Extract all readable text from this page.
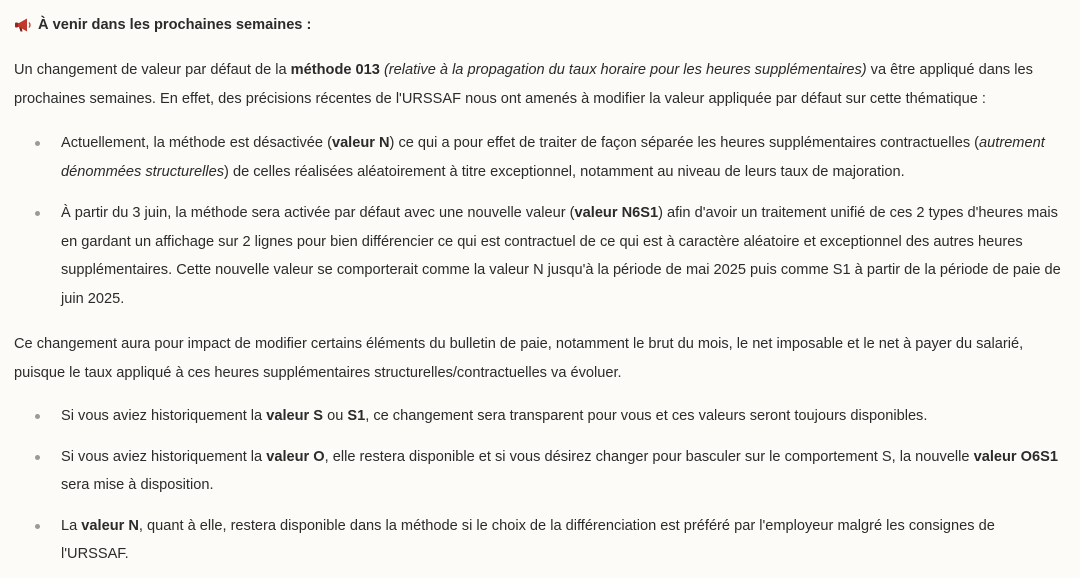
À venir dans les prochaines semaines :

Un changement de valeur par défaut de la méthode 013 (relative à la propagation du taux horaire pour les heures supplémentaires) va être appliqué dans les prochaines semaines. En effet, des précisions récentes de l'URSSAF nous ont amenés à modifier la valeur appliquée par défaut sur cette thématique :

Actuellement, la méthode est désactivée (valeur N) ce qui a pour effet de traiter de façon séparée les heures supplémentaires contractuelles (autrement dénommées structurelles) de celles réalisées aléatoirement à titre exceptionnel, notamment au niveau de leurs taux de majoration.
À partir du 3 juin, la méthode sera activée par défaut avec une nouvelle valeur (valeur N6S1) afin d'avoir un traitement unifié de ces 2 types d'heures mais en gardant un affichage sur 2 lignes pour bien différencier ce qui est contractuel de ce qui est à caractère aléatoire et exceptionnel des autres heures supplémentaires. Cette nouvelle valeur se comporterait comme la valeur N jusqu'à la période de mai 2025 puis comme S1 à partir de la période de paie de juin 2025.

Ce changement aura pour impact de modifier certains éléments du bulletin de paie, notamment le brut du mois, le net imposable et le net à payer du salarié, puisque le taux appliqué à ces heures supplémentaires structurelles/contractuelles va évoluer.

Si vous aviez historiquement la valeur S ou S1, ce changement sera transparent pour vous et ces valeurs seront toujours disponibles.
Si vous aviez historiquement la valeur O, elle restera disponible et si vous désirez changer pour basculer sur le comportement S, la nouvelle valeur O6S1 sera mise à disposition.
La valeur N, quant à elle, restera disponible dans la méthode si le choix de la différenciation est préféré par l'employeur malgré les consignes de l'URSSAF.
